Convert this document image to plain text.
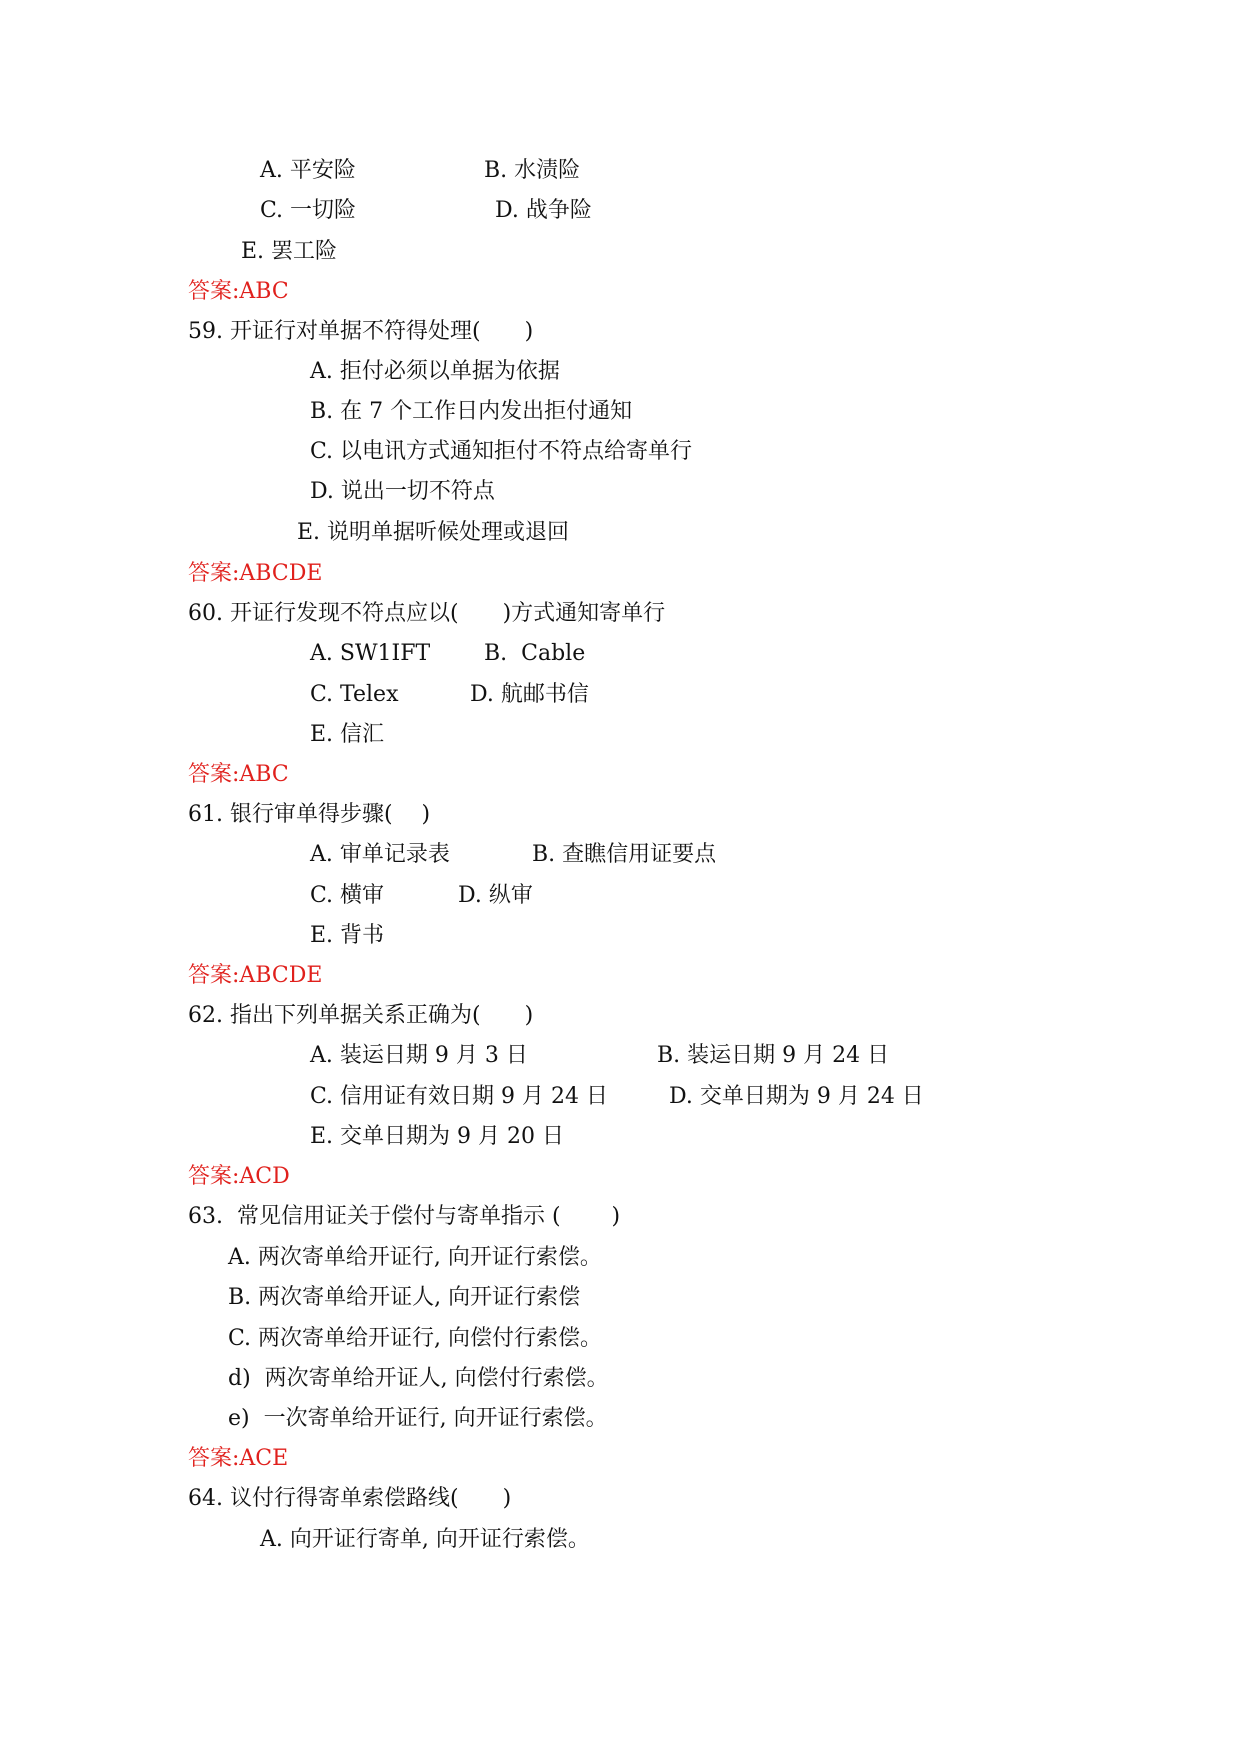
A. 平安险	B. 水渍险
C. 一切险	D. 战争险
E. 罢工险
答案:ABC
59. 开证行对单据不符得处理(　　)
A. 拒付必须以单据为依据
B. 在 7 个工作日内发出拒付通知
C. 以电讯方式通知拒付不符点给寄单行
D. 说出一切不符点
E. 说明单据听候处理或退回
答案:ABCDE
60. 开证行发现不符点应以(　　)方式通知寄单行
A. SW1IFT B.  Cable
C. Telex	D. 航邮书信
E. 信汇
答案:ABC
61. 银行审单得步骤(　 )
A. 审单记录表	B. 查瞧信用证要点
C. 横审	D. 纵审
E. 背书
答案:ABCDE
62. 指出下列单据关系正确为(　　)
A. 装运日期 9 月 3 日	B. 装运日期 9 月 24 日
C. 信用证有效日期 9 月 24 日	D. 交单日期为 9 月 24 日
E. 交单日期为 9 月 20 日
答案:ACD
63.  常见信用证关于偿付与寄单指示 (　　 )
A. 两次寄单给开证行, 向开证行索偿。
B. 两次寄单给开证人, 向开证行索偿
C. 两次寄单给开证行, 向偿付行索偿。
d)  两次寄单给开证人, 向偿付行索偿。
e)  一次寄单给开证行, 向开证行索偿。
答案:ACE
64. 议付行得寄单索偿路线(　　)
A. 向开证行寄单, 向开证行索偿。
